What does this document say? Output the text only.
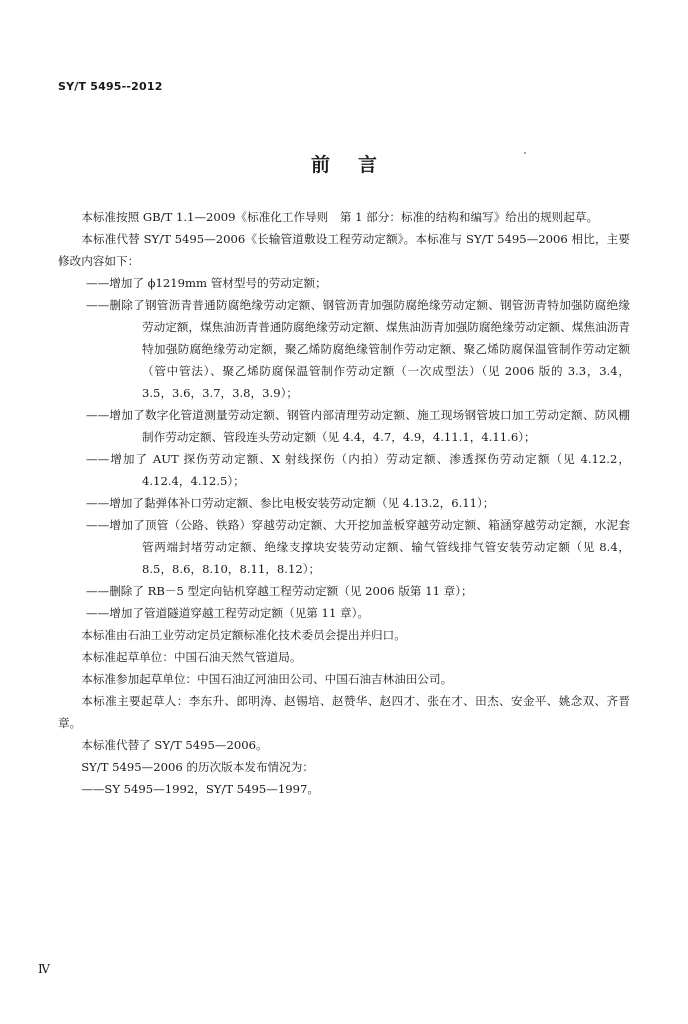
SY/T 5495--2012
前言

本标准按照 GB/T 1.1—2009《标准化工作导则　第 1 部分：标准的结构和编写》给出的规则起草。

本标准代替 SY/T 5495—2006《长输管道敷设工程劳动定额》。本标准与 SY/T 5495—2006 相比，主要修改内容如下：

——增加了 ϕ1219mm 管材型号的劳动定额；

——删除了钢管沥青普通防腐绝缘劳动定额、钢管沥青加强防腐绝缘劳动定额、钢管沥青特加强防腐绝缘劳动定额，煤焦油沥青普通防腐绝缘劳动定额、煤焦油沥青加强防腐绝缘劳动定额、煤焦油沥青特加强防腐绝缘劳动定额，聚乙烯防腐绝缘管制作劳动定额、聚乙烯防腐保温管制作劳动定额（管中管法）、聚乙烯防腐保温管制作劳动定额（一次成型法）（见 2006 版的 3.3，3.4，3.5，3.6，3.7，3.8，3.9）；

——增加了数字化管道测量劳动定额、钢管内部清理劳动定额、施工现场钢管坡口加工劳动定额、防风棚制作劳动定额、管段连头劳动定额（见 4.4，4.7，4.9，4.11.1，4.11.6）；

——增加了 AUT 探伤劳动定额、X 射线探伤（内拍）劳动定额、渗透探伤劳动定额（见 4.12.2，4.12.4，4.12.5）；

——增加了黏弹体补口劳动定额、参比电极安装劳动定额（见 4.13.2，6.11）；

——增加了顶管（公路、铁路）穿越劳动定额、大开挖加盖板穿越劳动定额、箱涵穿越劳动定额，水泥套管两端封堵劳动定额、绝缘支撑块安装劳动定额、输气管线排气管安装劳动定额（见 8.4，8.5，8.6，8.10，8.11，8.12）；

——删除了 RB－5 型定向钻机穿越工程劳动定额（见 2006 版第 11 章）；

——增加了管道隧道穿越工程劳动定额（见第 11 章）。

本标准由石油工业劳动定员定额标准化技术委员会提出并归口。

本标准起草单位：中国石油天然气管道局。

本标准参加起草单位：中国石油辽河油田公司、中国石油吉林油田公司。

本标准主要起草人：李东升、郎明涛、赵锡培、赵赞华、赵四才、张在才、田杰、安金平、姚念双、齐晋章。

本标准代替了 SY/T 5495—2006。

SY/T 5495—2006 的历次版本发布情况为：

——SY 5495—1992，SY/T 5495—1997。

Ⅳ
